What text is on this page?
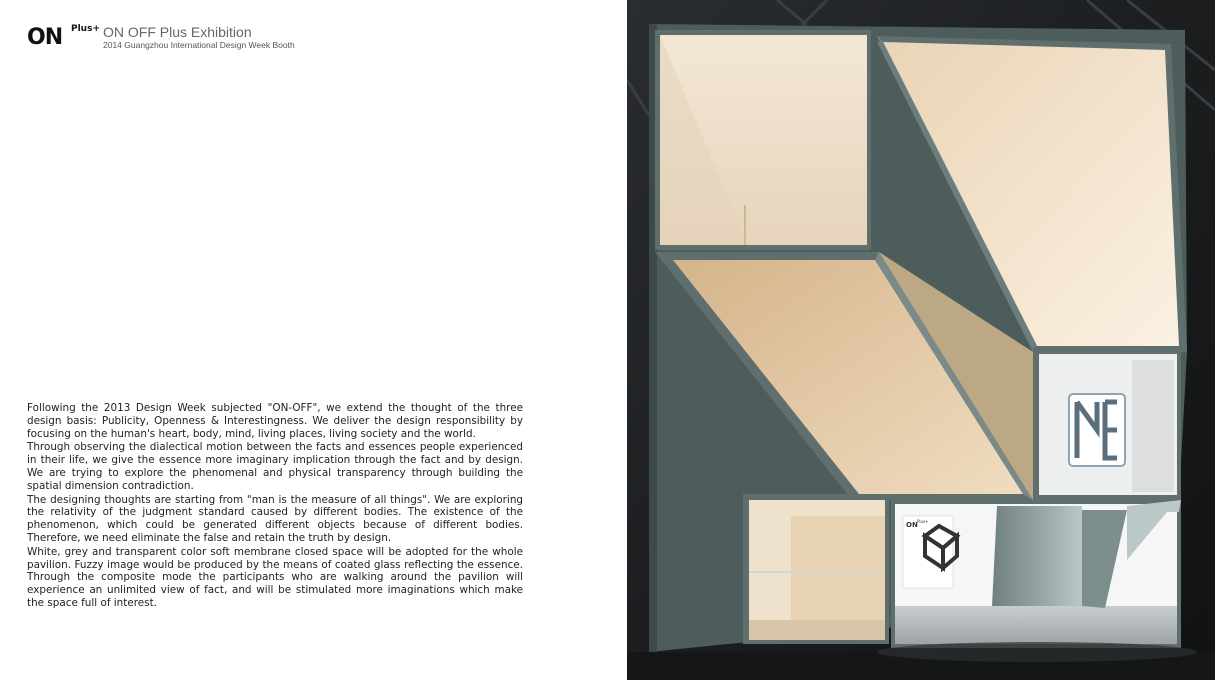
ON Plus+ ON OFF Plus Exhibition
2014 Guangzhou International Design Week Booth

Following the 2013 Design Week subjected "ON-OFF", we extend the thought of the three design basis: Publicity, Openness & Interestingness. We deliver the design responsibility by focusing on the human's heart, body, mind, living places, living society and the world.

Through observing the dialectical motion between the facts and essences people experienced in their life, we give the essence more imaginary implication through the fact and by design. We are trying to explore the phenomenal and physical transparency through building the spatial dimension contradiction.

The designing thoughts are starting from "man is the measure of all things". We are exploring the relativity of the judgment standard caused by different bodies. The existence of the phenomenon, which could be generated different objects because of different bodies. Therefore, we need eliminate the false and retain the truth by design.

White, grey and transparent color soft membrane closed space will be adopted for the whole pavilion. Fuzzy image would be produced by the means of coated glass reflecting the essence. Through the composite mode the participants who are walking around the pavilion will experience an unlimited view of fact, and will be stimulated more imaginations which make the space full of interest.

ON Plus+
